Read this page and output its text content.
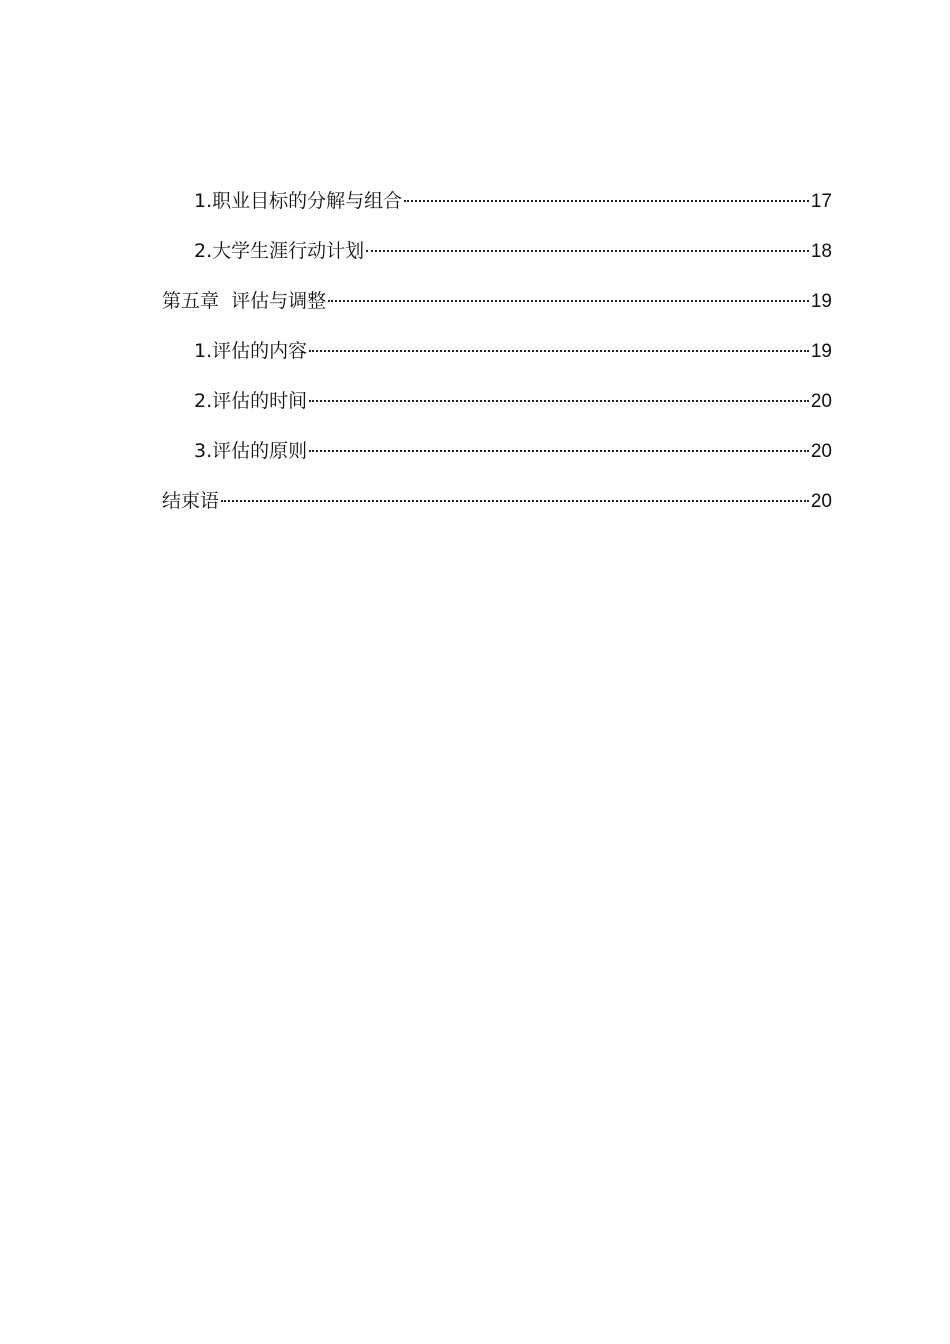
1.职业目标的分解与组合	17
2.大学生涯行动计划	18
第五章  评估与调整	19
1.评估的内容	19
2.评估的时间	20
3.评估的原则	20
结束语	20
